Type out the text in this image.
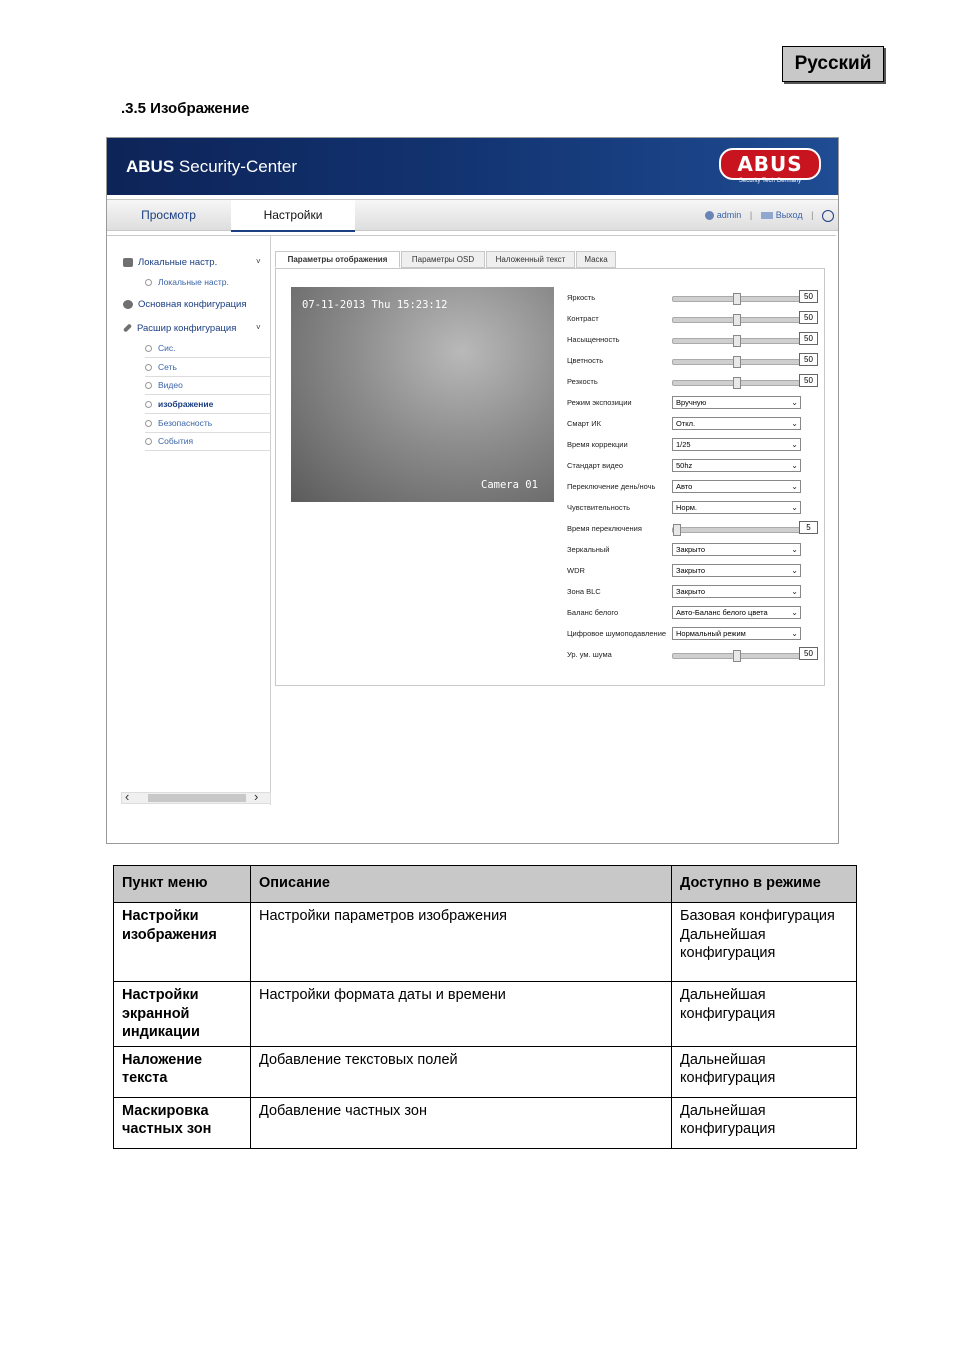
Русский
.3.5 Изображение
ABUS Security-Center	ABUS
Security Tech Germany
Просмотр	Настройки	admin |	Выход |
Локальные настр.	˅
Локальные настр.
Основная конфигурация
Расшир конфигурация ˅
Сис.
Сеть
Видео
изображение
Безопасность
События
‹	›
Параметры отображения	Параметры OSD	Наложенный текст	Маска
07-11-2013 Thu 15:23:12
Camera 01
Яркость	50
Контраст	50
Насыщенность	50
Цветность	50
Резкость	50
Режим экспозиции	Вручную	⌄
Смарт ИК	Откл.	⌄
Время коррекции	1/25	⌄
Стандарт видео	50hz	⌄
Переключение день/ночь	Авто	⌄
Чувствительность	Норм.	⌄
Время переключения	5
Зеркальный	Закрыто	⌄
WDR	Закрыто	⌄
Зона BLC	Закрыто	⌄
Баланс белого	Авто-Баланс белого цвета	⌄
Цифровое шумоподавление	Нормальный режим	⌄
Ур. ум. шума	50
Пункт меню	Описание	Доступно в режиме
Настройки изображения	Настройки параметров изображения	Базовая конфигурация Дальнейшая конфигурация
Настройки экранной индикации	Настройки формата даты и времени	Дальнейшая конфигурация
Наложение текста	Добавление текстовых полей	Дальнейшая конфигурация
Маскировка частных зон	Добавление частных зон	Дальнейшая конфигурация
